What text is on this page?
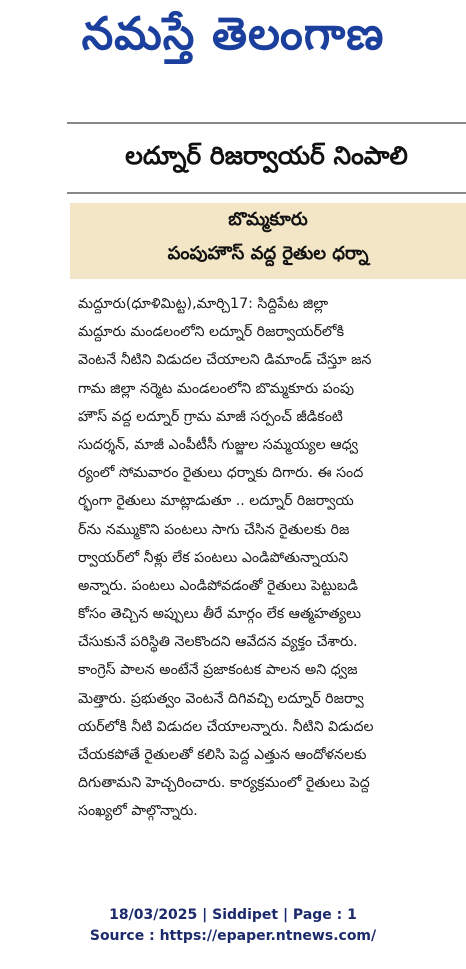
నమస్తే తెలంగాణ
లద్నూర్ రిజర్వాయర్ నింపాలి
బొమ్మకూరు
పంపుహౌస్ వద్ద రైతుల ధర్నా
మద్దూరు(ధూళిమిట్ట),మార్చి17: సిద్దిపేట జిల్లా
మద్దూరు మండలంలోని లద్నూర్ రిజర్వాయర్‌లోకి
వెంటనే నీటిని విడుదల చేయాలని డిమాండ్ చేస్తూ జన
గామ జిల్లా నర్మెట మండలంలోని బొమ్మకూరు పంపు
హౌస్ వద్ద లద్నూర్ గ్రామ మాజీ సర్పంచ్ జీడికంటి
సుదర్శన్, మాజీ ఎంపీటీసీ గుజ్జుల సమ్మయ్యల ఆధ్వ
ర్యంలో సోమవారం రైతులు ధర్నాకు దిగారు. ఈ సంద
ర్భంగా రైతులు మాట్లాడుతూ .. లద్నూర్ రిజర్వాయ
ర్‌ను నమ్ముకొని పంటలు సాగు చేసిన రైతులకు రిజ
ర్వాయర్‌లో నీళ్లు లేక పంటలు ఎండిపోతున్నాయని
అన్నారు. పంటలు ఎండిపోవడంతో రైతులు పెట్టుబడి
కోసం తెచ్చిన అప్పులు తీరే మార్గం లేక ఆత్మహత్యలు
చేసుకునే పరిస్థితి నెలకొందని ఆవేదన వ్యక్తం చేశారు.
కాంగ్రెస్ పాలన అంటేనే ప్రజాకంటక పాలన అని ధ్వజ
మెత్తారు. ప్రభుత్వం వెంటనే దిగివచ్చి లద్నూర్ రిజర్వా
యర్‌లోకి నీటి విడుదల చేయాలన్నారు. నీటిని విడుదల
చేయకపోతే రైతులతో కలిసి పెద్ద ఎత్తున ఆందోళనలకు
దిగుతామని హెచ్చరించారు. కార్యక్రమంలో రైతులు పెద్ద
సంఖ్యలో పాల్గొన్నారు.
18/03/2025 | Siddipet | Page : 1
Source : https://epaper.ntnews.com/
